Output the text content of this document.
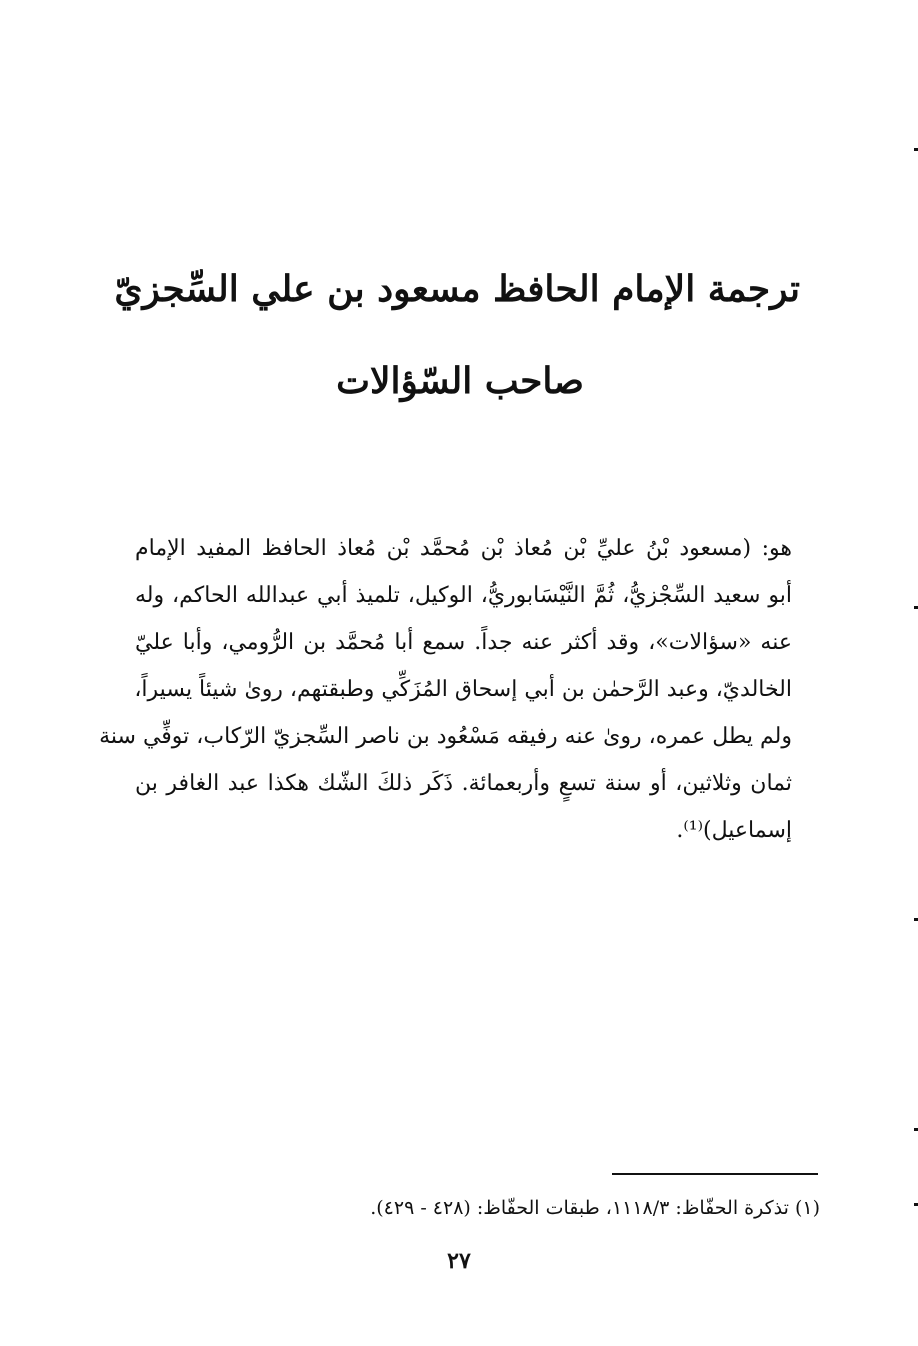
ترجمة الإمام الحافظ مسعود بن علي السِّجزيّ
صاحب السّؤالات
هو: (مسعود بْنُ عليِّ بْن مُعاذ بْن مُحمَّد بْن مُعاذ الحافظ المفيد الإمام
أبو سعيد السِّجْزيُّ، ثُمَّ النَّيْسَابوريُّ، الوكيل، تلميذ أبي عبدالله الحاكم، وله
عنه «سؤالات»، وقد أكثر عنه جداً. سمع أبا مُحمَّد بن الرُّومي، وأبا عليّ
الخالديّ، وعبد الرَّحمٰن بن أبي إسحاق المُزَكِّي وطبقتهم، روىٰ شيئاً يسيراً،
ولم يطل عمره، روىٰ عنه رفيقه مَسْعُود بن ناصر السِّجزيّ الرّكاب، توفِّي سنة
ثمان وثلاثين، أو سنة تسعٍ وأربعمائة. ذَكَر ذلكَ الشّك هكذا عبد الغافر بن
إسماعيل)⁽¹⁾.
(١) تذكرة الحفّاظ: ١١١٨/٣، طبقات الحفّاظ: (٤٢٨ - ٤٢٩).
٢٧
